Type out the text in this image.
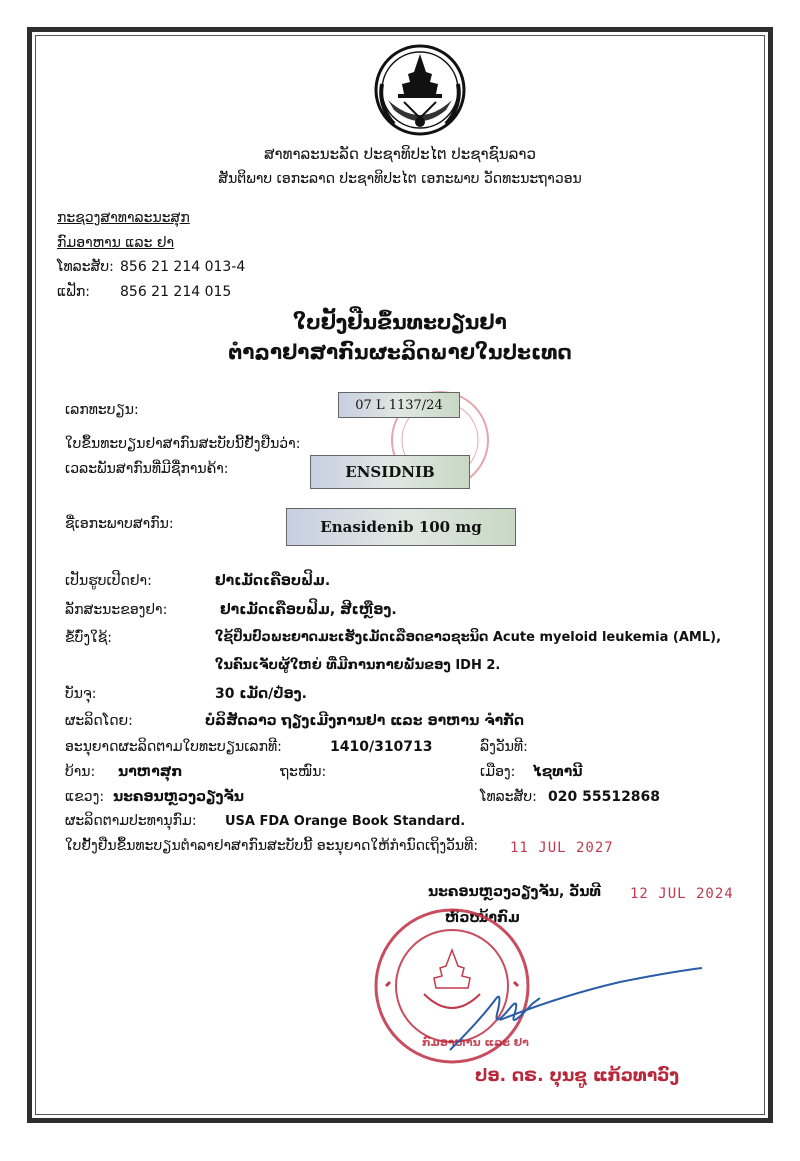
ສາທາລະນະລັດ ປະຊາທິປະໄຕ ປະຊາຊົນລາວ
ສັນຕິພາບ ເອກະລາດ ປະຊາທິປະໄຕ ເອກະພາບ ວັດທະນະຖາວອນ
ກະຊວງສາທາລະນະສຸກ
ກົມອາຫານ ແລະ ຢາ
ໂທລະສັບ: 856 21 214 013-4
ແຟັກ: 856 21 214 015
ໃບຢັ້ງຢືນຂຶ້ນທະບຽນຢາ
ຕຳລາຢາສາກົນຜະລິດພາຍໃນປະເທດ
ເລກທະບຽນ:	07 L 1137/24
ໃບຂຶ້ນທະບຽນຢາສາກົນສະບັບນີ້ຢັ້ງຢືນວ່າ:
ເວລະພັນສາກົນທີ່ມີຊື່ການຄ້າ:	ENSIDNIB
ຊື່ເອກະພາບສາກົນ:	Enasidenib 100 mg
ເປັນຮູບເປີດຢາ:	ຢາເມັດເຄືອບຟິມ.
ລັກສະນະຂອງຢາ:	ຢາເມັດເຄືອບຟິມ, ສີເຫຼືອງ.
ຂໍ້ບົ່ງໃຊ້:	ໃຊ້ປິ່ນປົວພະຍາດມະເຮັງເມັດເລືອດຂາວຊະນິດ Acute myeloid leukemia (AML),
ໃນຄົນເຈັບຜູ້ໃຫຍ່ ທີ່ມີການກາຍພັນຂອງ IDH 2.
ບັນຈຸ:	30 ເມັດ/ປ໋ອງ.
ຜະລິດໂດຍ:	ບໍລິສັດລາວ ຖຽງເມີງການຢາ ແລະ ອາຫານ ຈຳກັດ
ອະນຸຍາດຜະລິດຕາມໃບທະບຽນເລກທີ:	1410/310713	ລົງວັນທີ:
ບ້ານ: ນາຫາສຸກ	ຖະໜົນ:	ເມືອງ: ໄຊທານີ
ແຂວງ: ນະຄອນຫຼວງວຽງຈັນ	ໂທລະສັບ: 020 55512868
ຜະລິດຕາມປະທານຸກົມ: USA FDA Orange Book Standard.
ໃບຢັ້ງຢືນຂຶ້ນທະບຽນຕຳລາຢາສາກົນສະບັບນີ້ ອະນຸຍາດໃຫ້ກຳນົດເຖິງວັນທີ: 11 JUL 2027
ນະຄອນຫຼວງວຽງຈັນ, ວັນທີ 12 JUL 2024
ຫົວໜ້າກົມ
ກົມອາຫານ ແລະ ຢາ
ປອ. ດຣ. ບຸນຊູ ແກ້ວທາວົງ
